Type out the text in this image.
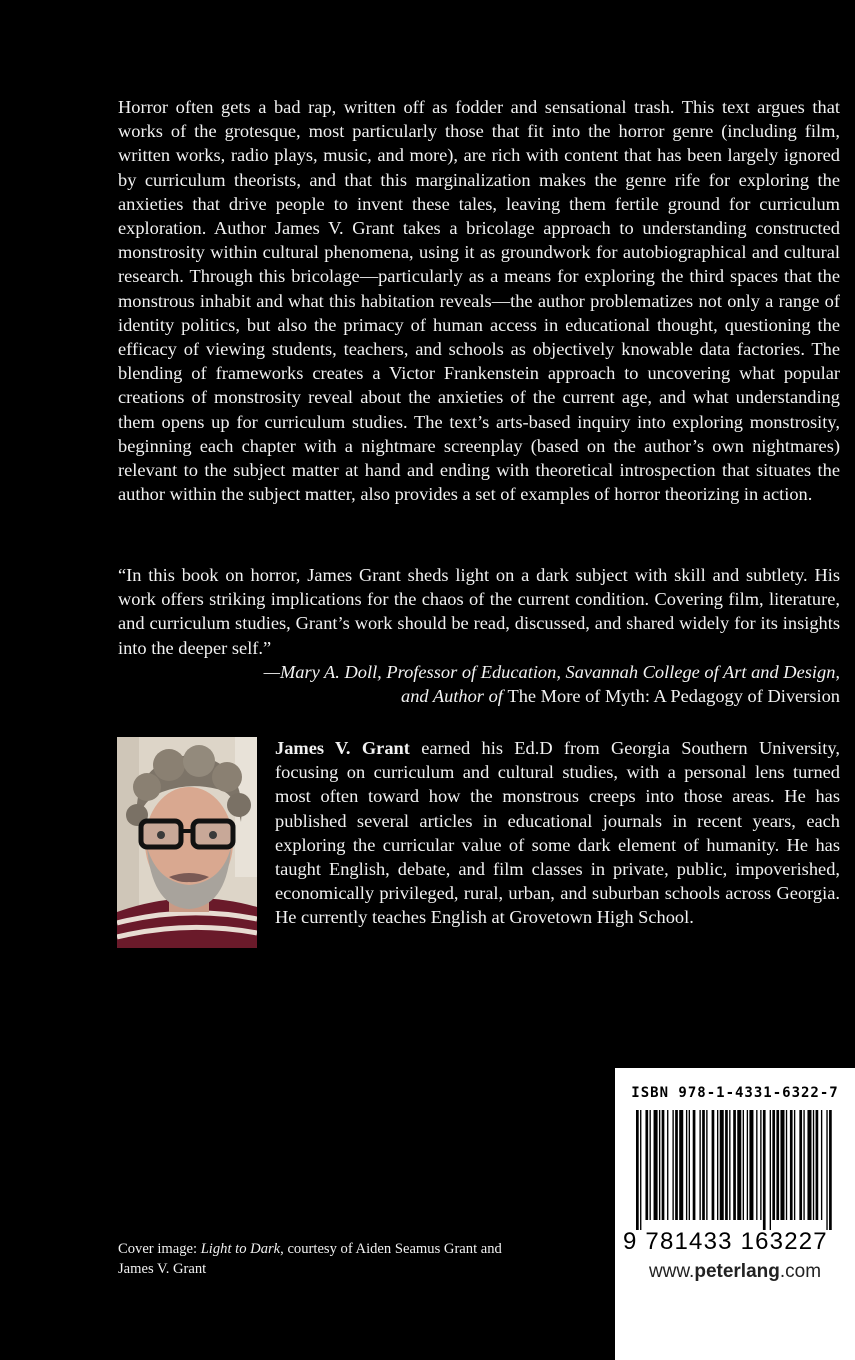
Horror often gets a bad rap, written off as fodder and sensational trash. This text argues that works of the grotesque, most particularly those that fit into the horror genre (including film, written works, radio plays, music, and more), are rich with content that has been largely ignored by curriculum theorists, and that this marginalization makes the genre rife for exploring the anxieties that drive people to invent these tales, leaving them fertile ground for curriculum exploration. Author James V. Grant takes a bricolage approach to understanding constructed monstrosity within cultural phenomena, using it as groundwork for autobiographical and cultural research. Through this bricolage—particularly as a means for exploring the third spaces that the monstrous inhabit and what this habitation reveals—the author problematizes not only a range of identity politics, but also the primacy of human access in educational thought, questioning the efficacy of viewing students, teachers, and schools as objectively knowable data factories. The blending of frameworks creates a Victor Frankenstein approach to uncovering what popular creations of monstrosity reveal about the anxieties of the current age, and what understanding them opens up for curriculum studies. The text’s arts-based inquiry into exploring monstrosity, beginning each chapter with a nightmare screenplay (based on the author’s own nightmares) relevant to the subject matter at hand and ending with theoretical introspection that situates the author within the subject matter, also provides a set of examples of horror theorizing in action.

“In this book on horror, James Grant sheds light on a dark subject with skill and subtlety. His work offers striking implications for the chaos of the current condition. Covering film, literature, and curriculum studies, Grant’s work should be read, discussed, and shared widely for its insights into the deeper self.”

—Mary A. Doll, Professor of Education, Savannah College of Art and Design,
and Author of The More of Myth: A Pedagogy of Diversion
James V. Grant earned his Ed.D from Georgia Southern University, focusing on curriculum and cultural studies, with a personal lens turned most often toward how the monstrous creeps into those areas. He has published several articles in educational journals in recent years, each exploring the curricular value of some dark element of humanity. He has taught English, debate, and film classes in private, public, impoverished, economically privileged, rural, urban, and suburban schools across Georgia. He currently teaches English at Grovetown High School.
Cover image: Light to Dark, courtesy of Aiden Seamus Grant and James V. Grant
ISBN 978-1-4331-6322-7
9 781433 163227
www.peterlang.com
